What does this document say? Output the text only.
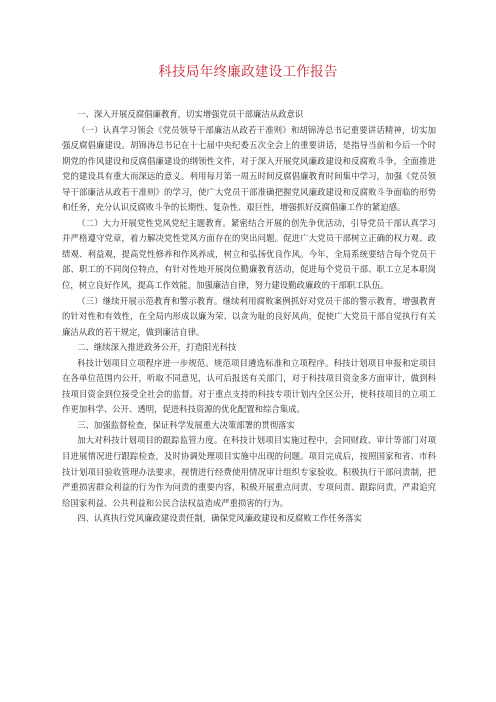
科技局年终廉政建设工作报告

一、深入开展反腐倡廉教育，切实增强党员干部廉洁从政意识

（一）认真学习领会《党员领导干部廉洁从政若干准则》和胡锦涛总书记重要讲话精神，切实加强反腐倡廉建设。胡锦涛总书记在十七届中央纪委五次全会上的重要讲话，是指导当前和今后一个时期党的作风建设和反腐倡廉建设的纲领性文件，对于深入开展党风廉政建设和反腐败斗争，全面推进党的建设具有重大而深远的意义。利用每月第一周五时间反腐倡廉教育时间集中学习，加强《党员领导干部廉洁从政若干准则》的学习，使广大党员干部准确把握党风廉政建设和反腐败斗争面临的形势和任务，充分认识反腐败斗争的长期性、复杂性、艰巨性，增强抓好反腐倡廉工作的紧迫感。

（二）大力开展党性党风党纪主题教育。紧密结合开展的创先争优活动，引导党员干部认真学习并严格遵守党章，着力解决党性党风方面存在的突出问题。促进广大党员干部树立正确的权力观、政绩观、利益观，提高党性修养和作风养成，树立和弘扬优良作风。今年，全局系统要结合每个党员干部、职工的不同岗位特点，有针对性地开展岗位勤廉教育活动，促进每个党员干部、职工立足本职岗位，树立良好作风，提高工作效能，加强廉洁自律，努力建设勤政廉政的干部职工队伍。

（三）继续开展示范教育和警示教育。继续利用腐败案例抓好对党员干部的警示教育，增强教育的针对性和有效性，在全局内形成以廉为荣、以贪为耻的良好风尚，促使广大党员干部自觉执行有关廉洁从政的若干规定，做到廉洁自律。

二、继续深入推进政务公开，打造阳光科技

科技计划项目立项程序进一步规范。规范项目遴选标准和立项程序。科技计划项目申报和定项目在各单位范围内公开，听取不同意见，认可后报送有关部门，对于科技项目资金多方面审计，做到科技项目资金到位接受全社会的监督。对于重点支持的科技专项计划内全区公开，使科技项目的立项工作更加科学、公开、透明，促进科技资源的优化配置和综合集成。

三、加强监督检查，保证科学发展重大决策部署的贯彻落实

加大对科技计划项目的跟踪监管力度。在科技计划项目实施过程中，会同财政、审计等部门对项目进展情况进行跟踪检查，及时协调处理项目实施中出现的问题。项目完成后，按照国家和省、市科技计划项目验收管理办法要求，视情进行经费使用情况审计组织专家验收。积极执行干部问责制，把严重损害群众利益的行为作为问责的重要内容，积极开展重点问责、专项问责、跟踪问责，严肃追究给国家利益、公共利益和公民合法权益造成严重损害的行为。

四、认真执行党风廉政建设责任制，确保党风廉政建设和反腐败工作任务落实
